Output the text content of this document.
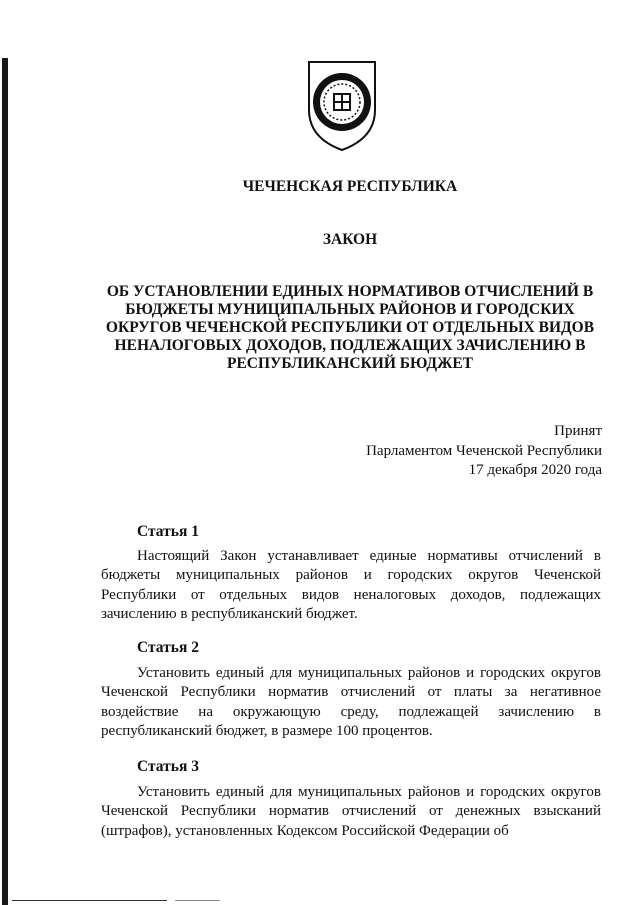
ЧЕЧЕНСКАЯ РЕСПУБЛИКА
ЗАКОН
ОБ УСТАНОВЛЕНИИ ЕДИНЫХ НОРМАТИВОВ ОТЧИСЛЕНИЙ В БЮДЖЕТЫ МУНИЦИПАЛЬНЫХ РАЙОНОВ И ГОРОДСКИХ ОКРУГОВ ЧЕЧЕНСКОЙ РЕСПУБЛИКИ ОТ ОТДЕЛЬНЫХ ВИДОВ НЕНАЛОГОВЫХ ДОХОДОВ, ПОДЛЕЖАЩИХ ЗАЧИСЛЕНИЮ В РЕСПУБЛИКАНСКИЙ БЮДЖЕТ
Принят
Парламентом Чеченской Республики
17 декабря 2020 года
Статья 1
Настоящий Закон устанавливает единые нормативы отчислений в бюджеты муниципальных районов и городских округов Чеченской Республики от отдельных видов неналоговых доходов, подлежащих зачислению в республиканский бюджет.
Статья 2
Установить единый для муниципальных районов и городских округов Чеченской Республики норматив отчислений от платы за негативное воздействие на окружающую среду, подлежащей зачислению в республиканский бюджет, в размере 100 процентов.
Статья 3
Установить единый для муниципальных районов и городских округов Чеченской Республики норматив отчислений от денежных взысканий (штрафов), установленных Кодексом Российской Федерации об
